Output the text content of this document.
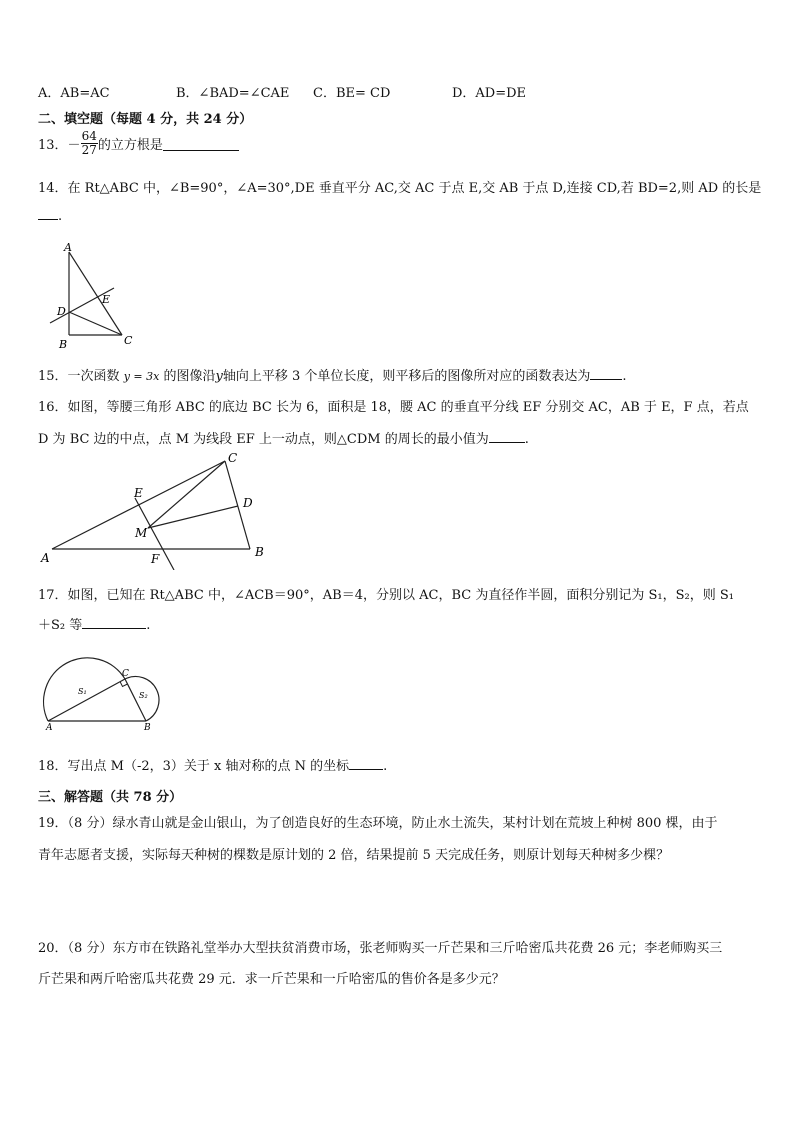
A．AB=AC	B．∠BAD=∠CAE C．BE= CD	D．AD=DE
二、填空题（每题 4 分，共 24 分）
13． － $\frac{64}{27}$ 的立方根是
14．在 Rt△ABC 中，∠B=90°，∠A=30°,DE 垂直平分 AC,交 AC 于点 E,交 AB 于点 D,连接 CD,若 BD=2,则 AD 的长是
.
A
B	C
D
E
15．一次函数 y = 3x 的图像沿y轴向上平移 3 个单位长度，则平移后的图像所对应的函数表达为 .
16．如图，等腰三角形 ABC 的底边 BC 长为 6，面积是 18，腰 AC 的垂直平分线 EF 分别交 AC，AB 于 E，F 点，若点
D 为 BC 边的中点，点 M 为线段 EF 上一动点，则△CDM 的周长的最小值为	.
C
E
D
M
A	F	B
17．如图，已知在 Rt△ABC 中，∠ACB＝90°，AB＝4，分别以 AC，BC 为直径作半圆，面积分别记为 S₁，S₂，则 S₁
＋S₂ 等	.
C
A	B
S₁	S₂
18．写出点 M（-2，3）关于 x 轴对称的点 N 的坐标	.
三、解答题（共 78 分）
19．（8 分）绿水青山就是金山银山，为了创造良好的生态环境，防止水土流失，某村计划在荒坡上种树 800 棵，由于
青年志愿者支援，实际每天种树的棵数是原计划的 2 倍，结果提前 5 天完成任务，则原计划每天种树多少棵？
20．（8 分）东方市在铁路礼堂举办大型扶贫消费市场，张老师购买一斤芒果和三斤哈密瓜共花费 26 元；李老师购买三
斤芒果和两斤哈密瓜共花费 29 元．求一斤芒果和一斤哈密瓜的售价各是多少元？
